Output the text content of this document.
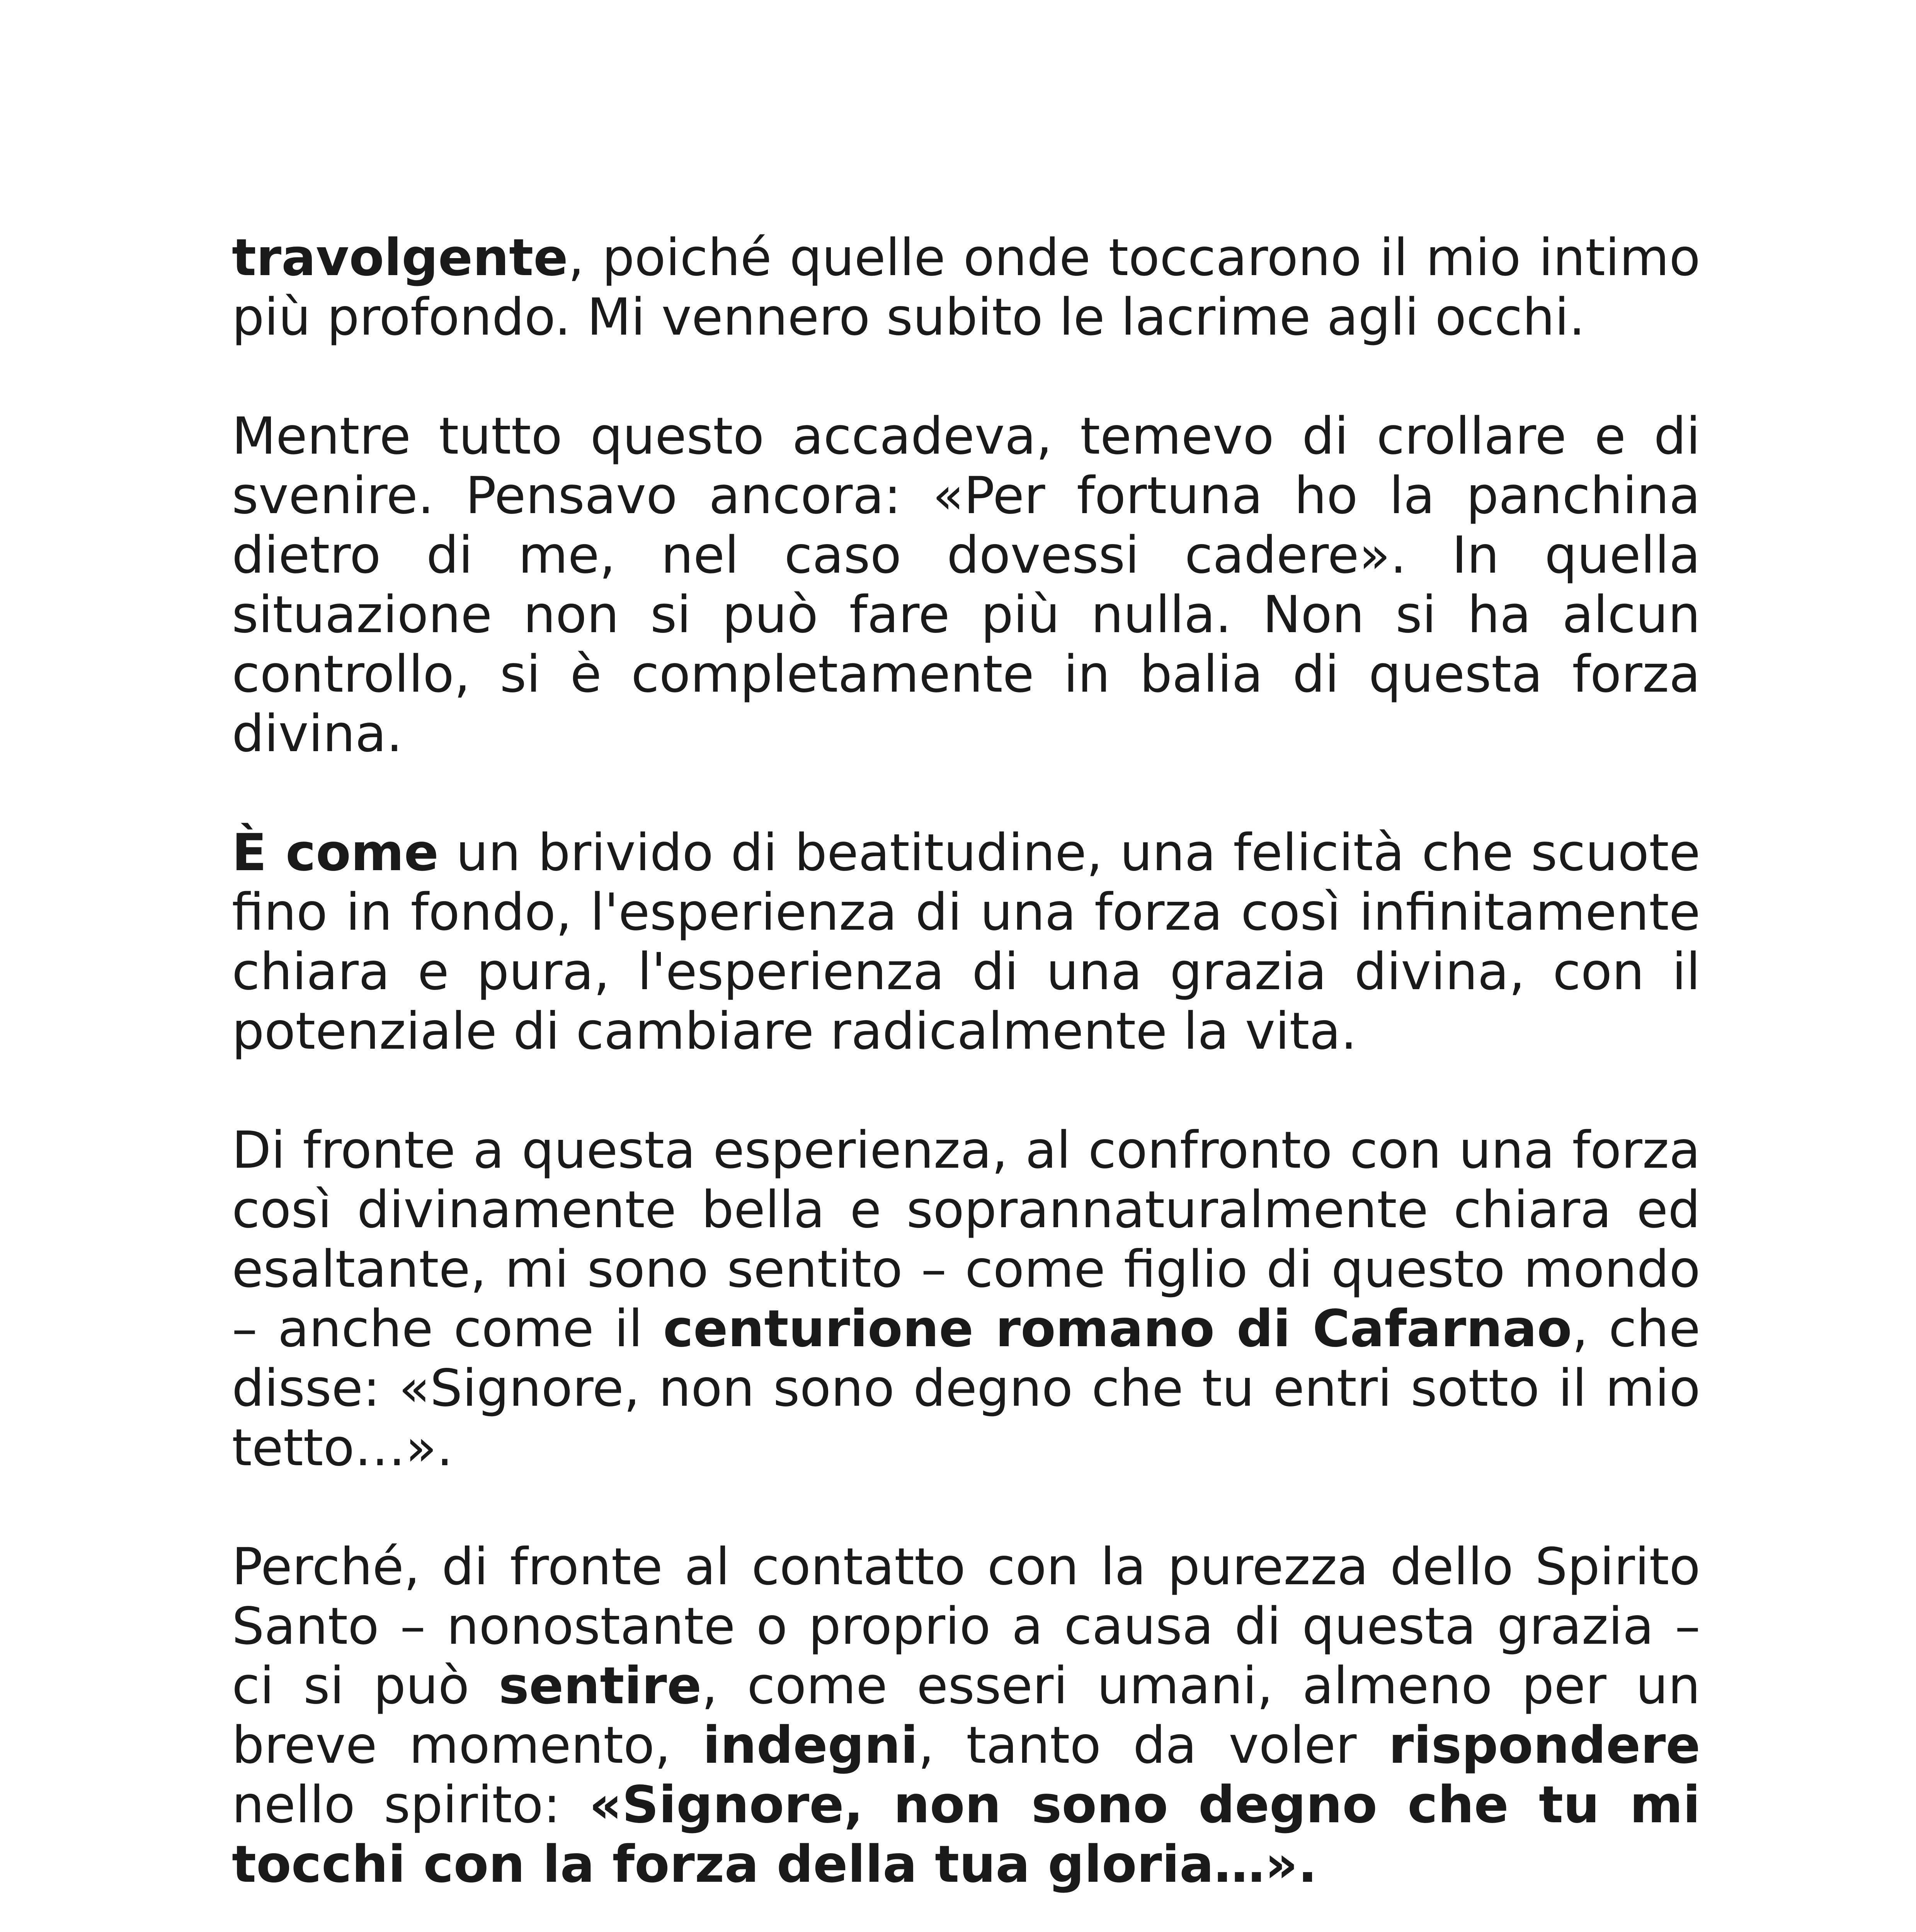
travolgente, poiché quelle onde toccarono il mio intimo più profondo. Mi vennero subito le lacrime agli occhi.

Mentre tutto questo accadeva, temevo di crollare e di svenire. Pensavo ancora: «Per fortuna ho la panchina dietro di me, nel caso dovessi cadere». In quella situazione non si può fare più nulla. Non si ha alcun controllo, si è completamente in balia di questa forza divina.

È come un brivido di beatitudine, una felicità che scuote fino in fondo, l'esperienza di una forza così infinitamente chiara e pura, l'esperienza di una grazia divina, con il potenziale di cambiare radicalmente la vita.

Di fronte a questa esperienza, al confronto con una forza così divinamente bella e soprannaturalmente chiara ed esaltante, mi sono sentito – come figlio di questo mondo – anche come il centurione romano di Cafarnao, che disse: «Signore, non sono degno che tu entri sotto il mio tetto…».

Perché, di fronte al contatto con la purezza dello Spirito Santo – nonostante o proprio a causa di questa grazia – ci si può sentire, come esseri umani, almeno per un breve momento, indegni, tanto da voler rispondere nello spirito: «Signore, non sono degno che tu mi tocchi con la forza della tua gloria…».
